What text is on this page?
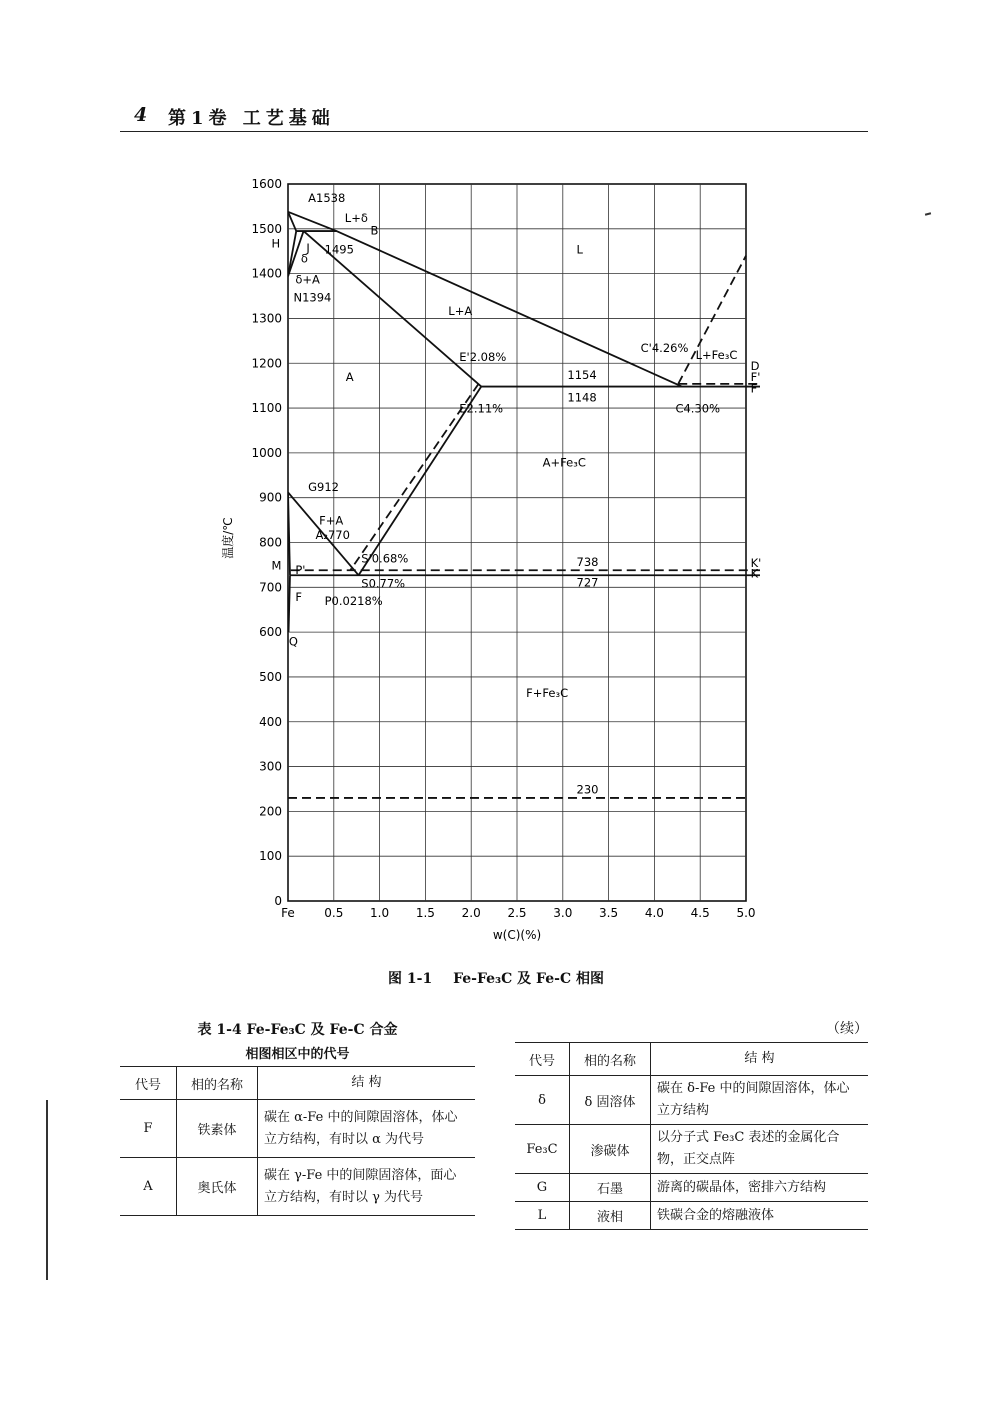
4 第1卷 工艺基础
Fe 0.5 1.0 1.5 2.0 2.5 3.0 3.5 4.0 4.5 5.0
0
100
200
300
400
500
600
700
800
900
1000
1100
1200
1300
1400
1500
1600
A1538
L+δ
B
H J 1495
δ
δ+A
N1394
L
L+A
A
E'2.08%
1154
1148
E2.11%
C'4.26% L+Fe₃C
D
F'
F
C4.30%
A+Fe₃C
G912
F+A
A₂770
M P'
S'0.68%	738	K'
K
S0.77%	727
F P0.0218%
Q
F+Fe₃C
230
w(C)(%)
温度/℃
图 1-1 Fe-Fe₃C 及 Fe-C 相图
表 1-4 Fe-Fe₃C 及 Fe-C 合金
相图相区中的代号
代号	相的名称	结 构
F	铁素体	碳在 α-Fe 中的间隙固溶体，体心立方结构，有时以 α 为代号
A	奥氏体	碳在 γ-Fe 中的间隙固溶体，面心立方结构，有时以 γ 为代号
（续）
代号	相的名称	结 构
δ	δ 固溶体	碳在 δ-Fe 中的间隙固溶体，体心立方结构
Fe₃C	渗碳体	以分子式 Fe₃C 表述的金属化合物，正交点阵
G	石墨	游离的碳晶体，密排六方结构
L	液相	铁碳合金的熔融液体
